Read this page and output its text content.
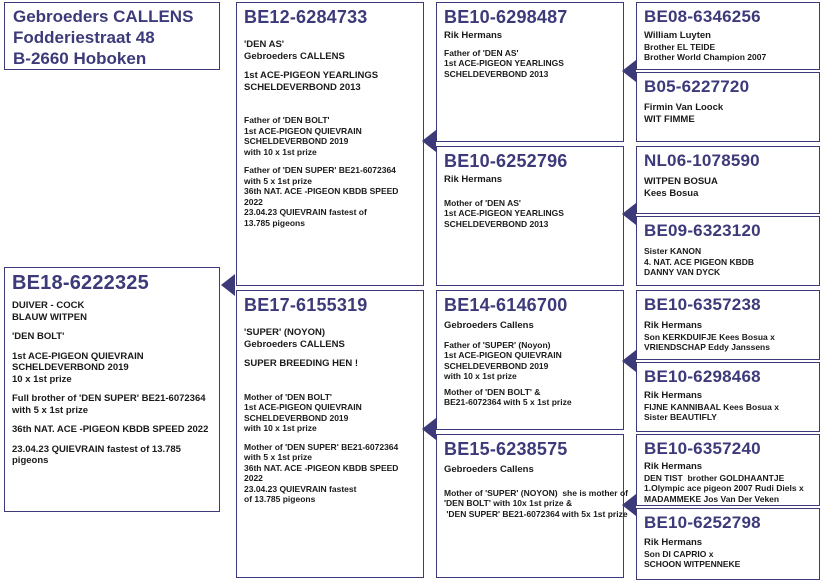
Gebroeders CALLENS
Fodderiestraat 48
B-2660 Hoboken
BE18-6222325
DUIVER - COCK
BLAUW WITPEN
'DEN BOLT'
1st ACE-PIGEON QUIEVRAIN
SCHELDEVERBOND 2019
10 x 1st prize
Full brother of 'DEN SUPER' BE21-6072364
with 5 x 1st prize
36th NAT. ACE -PIGEON KBDB SPEED 2022
23.04.23 QUIEVRAIN fastest of 13.785 pigeons
BE12-6284733
'DEN AS'
Gebroeders CALLENS
1st ACE-PIGEON YEARLINGS
SCHELDEVERBOND 2013
Father of 'DEN BOLT'
1st ACE-PIGEON QUIEVRAIN
SCHELDEVERBOND 2019
with 10 x 1st prize
Father of 'DEN SUPER' BE21-6072364
with 5 x 1st prize
36th NAT. ACE -PIGEON KBDB SPEED 2022
23.04.23 QUIEVRAIN fastest of
13.785 pigeons
BE17-6155319
'SUPER' (NOYON)
Gebroeders CALLENS
SUPER BREEDING HEN !
Mother of 'DEN BOLT'
1st ACE-PIGEON QUIEVRAIN
SCHELDEVERBOND 2019
with 10 x 1st prize
Mother of 'DEN SUPER' BE21-6072364
with 5 x 1st prize
36th NAT. ACE -PIGEON KBDB SPEED 2022
23.04.23 QUIEVRAIN fastest
of 13.785 pigeons
BE10-6298487
Rik Hermans
Father of 'DEN AS'
1st ACE-PIGEON YEARLINGS
SCHELDEVERBOND 2013
BE10-6252796
Rik Hermans
Mother of 'DEN AS'
1st ACE-PIGEON YEARLINGS
SCHELDEVERBOND 2013
BE14-6146700
Gebroeders Callens
Father of 'SUPER' (Noyon)
1st ACE-PIGEON QUIEVRAIN
SCHELDEVERBOND 2019
with 10 x 1st prize
Mother of 'DEN BOLT' &
BE21-6072364 with 5 x 1st prize
BE15-6238575
Gebroeders Callens
Mother of 'SUPER' (NOYON)  she is mother of
'DEN BOLT' with 10x 1st prize &
'DEN SUPER' BE21-6072364 with 5x 1st prize
BE08-6346256
William Luyten
Brother EL TEIDE
Brother World Champion 2007
B05-6227720
Firmin Van Loock
WIT FIMME
NL06-1078590
WITPEN BOSUA
Kees Bosua
BE09-6323120
Sister KANON
4. NAT. ACE PIGEON KBDB
DANNY VAN DYCK
BE10-6357238
Rik Hermans
Son KERKDUIFJE Kees Bosua x
VRIENDSCHAP Eddy Janssens
BE10-6298468
Rik Hermans
FIJNE KANNIBAAL Kees Bosua x
Sister BEAUTIFLY
BE10-6357240
Rik Hermans
DEN TIST  brother GOLDHAANTJE
1.Olympic ace pigeon 2007 Rudi Diels x
MADAMMEKE Jos Van Der Veken
BE10-6252798
Rik Hermans
Son DI CAPRIO x
SCHOON WITPENNEKE
